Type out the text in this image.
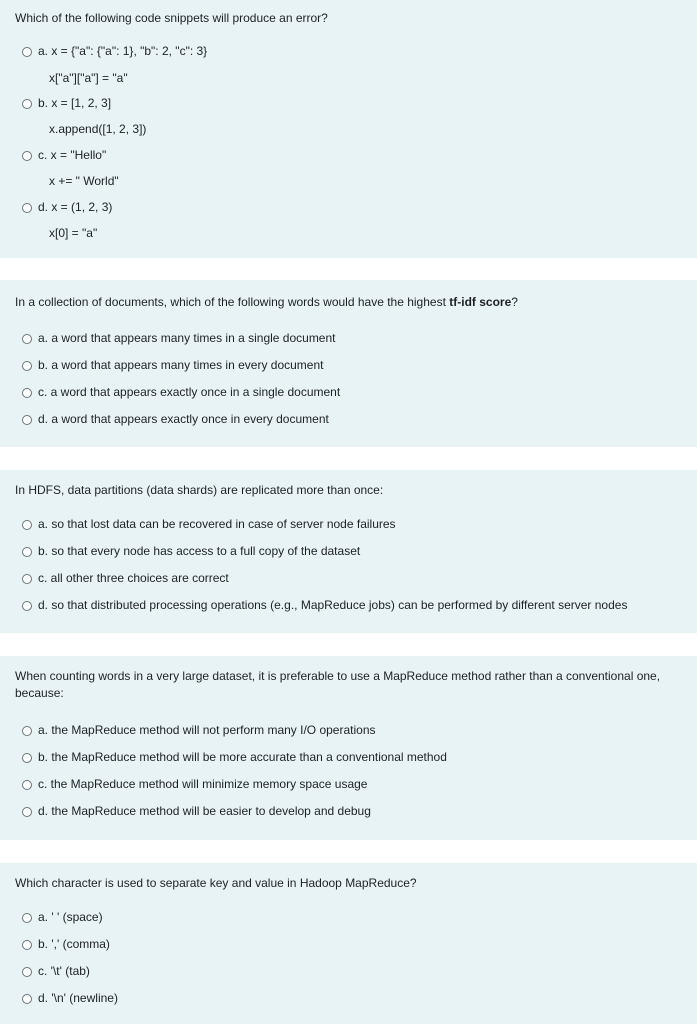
Which of the following code snippets will produce an error?
a. x = {"a": {"a": 1}, "b": 2, "c": 3}
x["a"]["a"] = "a"
b. x = [1, 2, 3]
x.append([1, 2, 3])
c. x = "Hello"
x += " World"
d. x = (1, 2, 3)
x[0] = "a"
In a collection of documents, which of the following words would have the highest tf-idf score?
a. a word that appears many times in a single document
b. a word that appears many times in every document
c. a word that appears exactly once in a single document
d. a word that appears exactly once in every document
In HDFS, data partitions (data shards) are replicated more than once:
a. so that lost data can be recovered in case of server node failures
b. so that every node has access to a full copy of the dataset
c. all other three choices are correct
d. so that distributed processing operations (e.g., MapReduce jobs) can be performed by different server nodes
When counting words in a very large dataset, it is preferable to use a MapReduce method rather than a conventional one,
because:
a. the MapReduce method will not perform many I/O operations
b. the MapReduce method will be more accurate than a conventional method
c. the MapReduce method will minimize memory space usage
d. the MapReduce method will be easier to develop and debug
Which character is used to separate key and value in Hadoop MapReduce?
a. ' ' (space)
b. ',' (comma)
c. '\t' (tab)
d. '\n' (newline)
